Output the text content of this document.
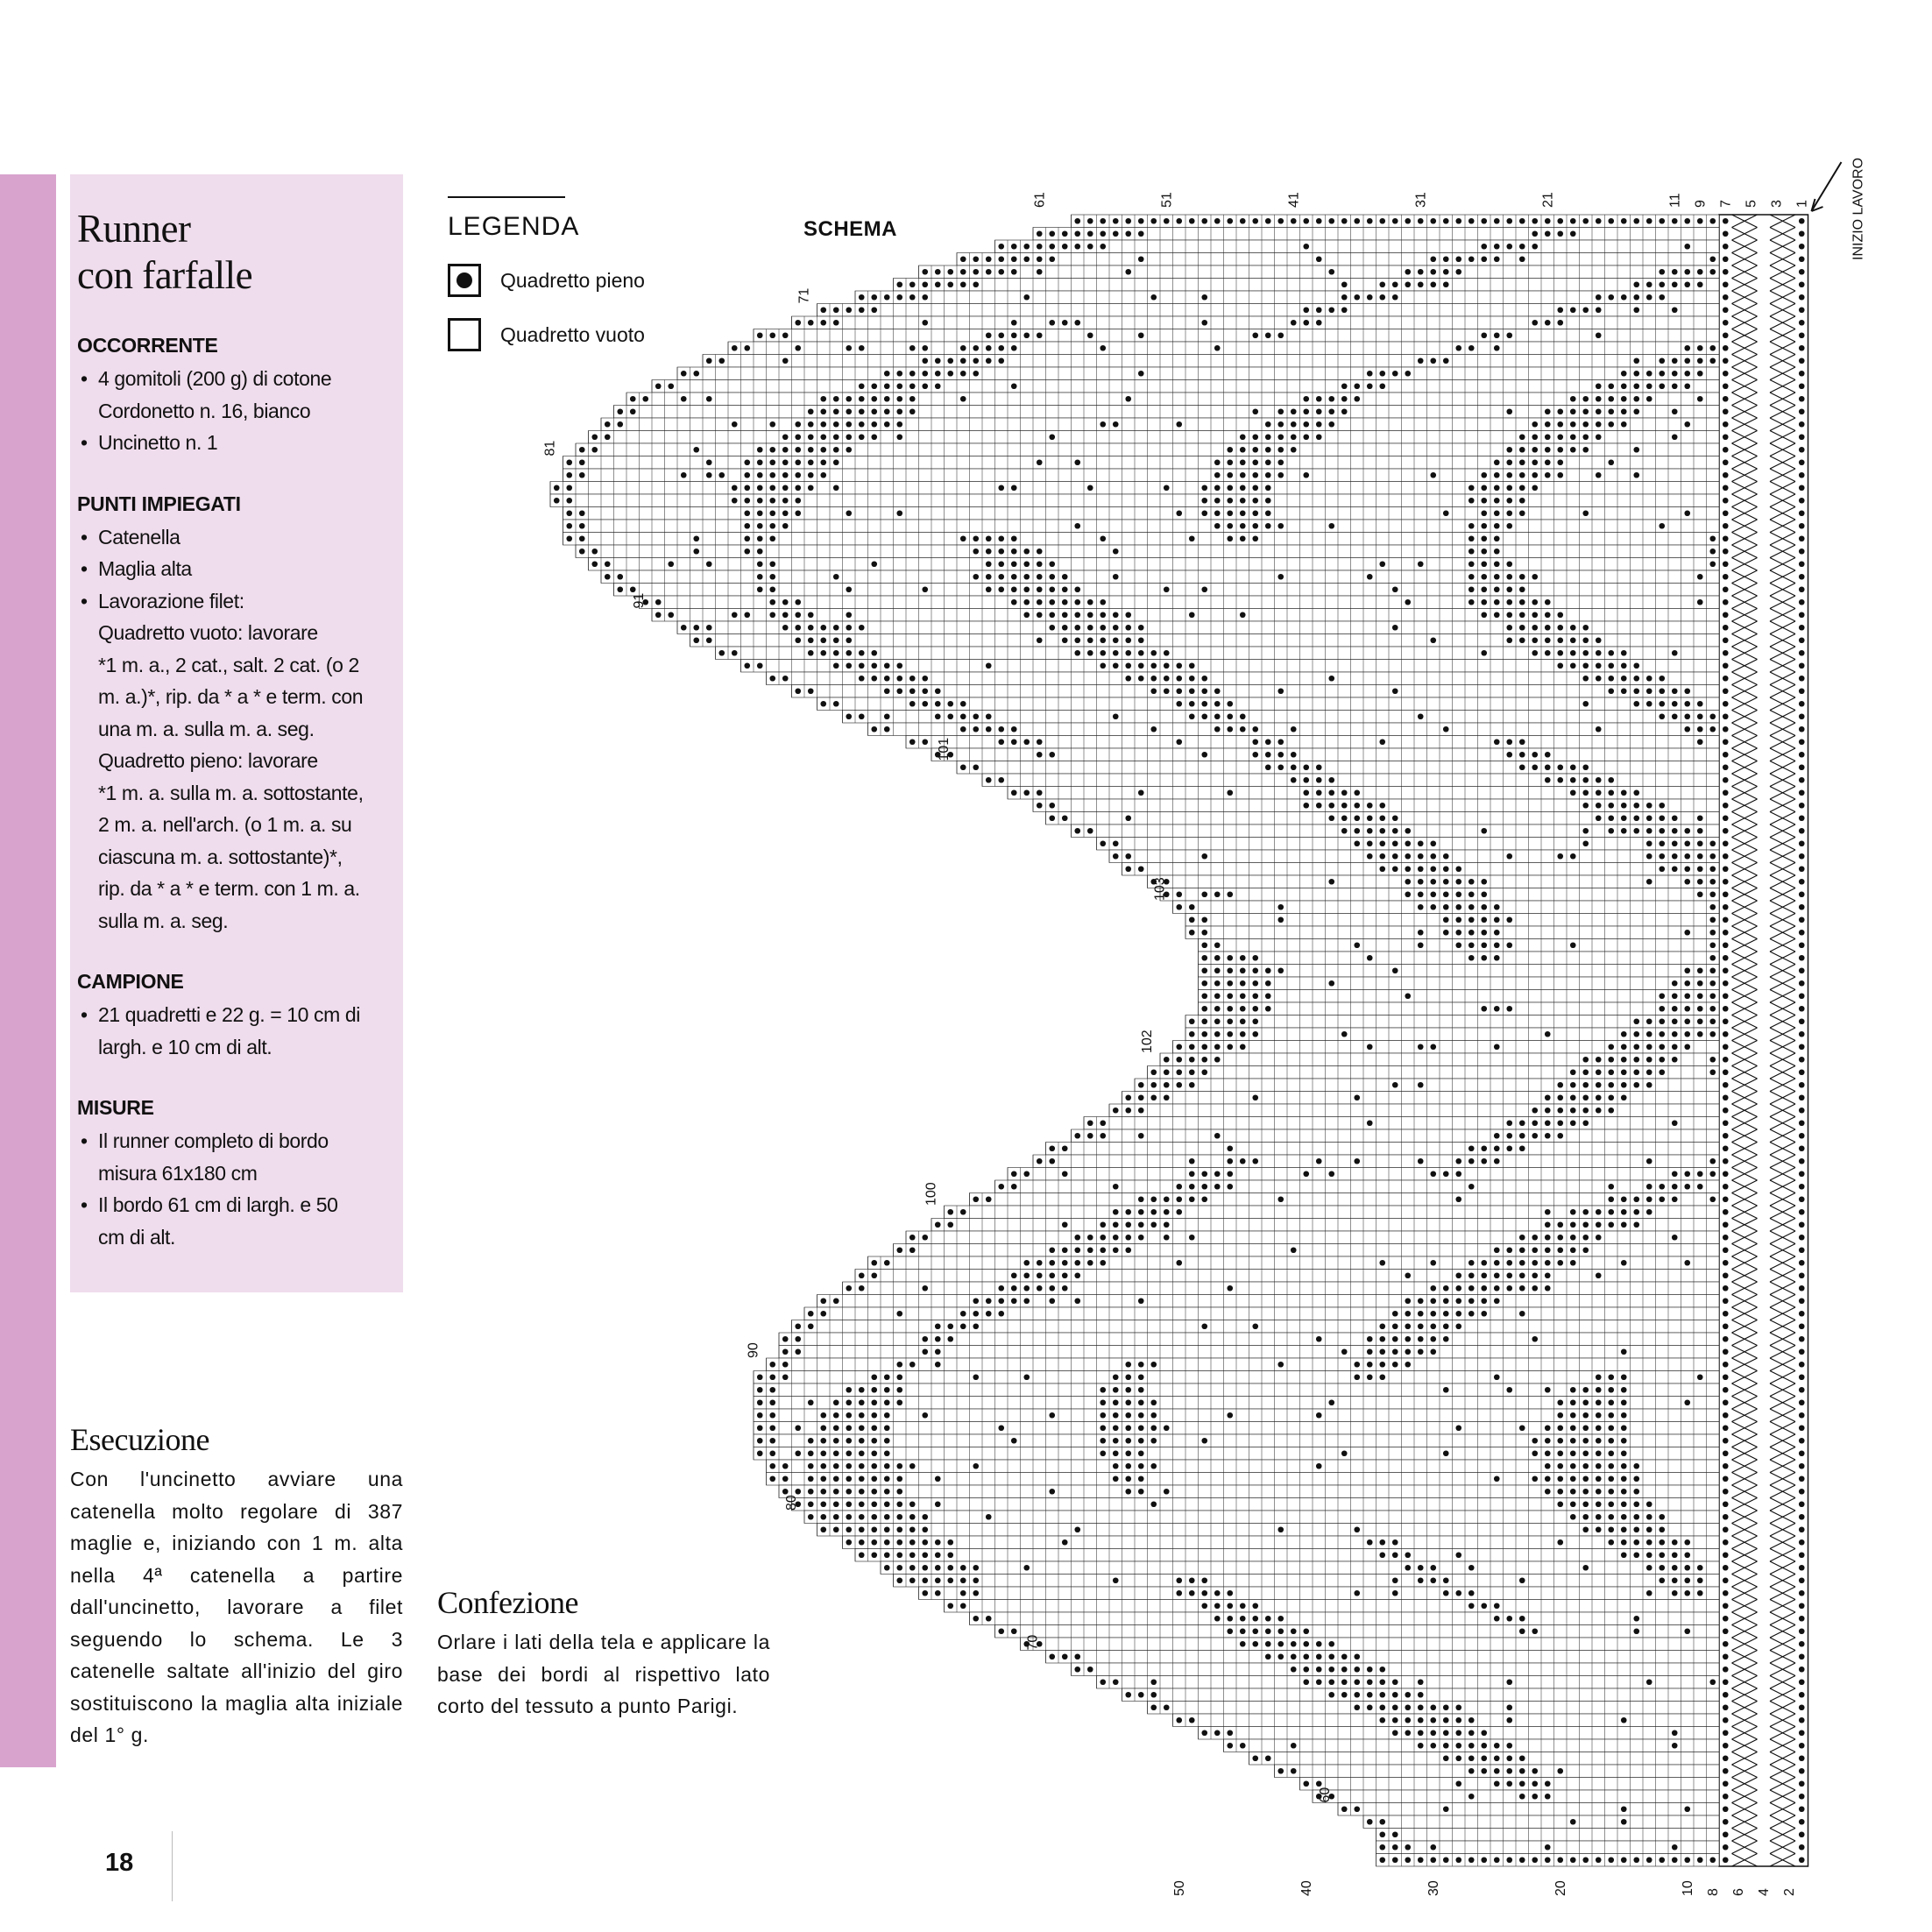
Runner
con farfalle
OCCORRENTE
• 4 gomitoli (200 g) di cotone
Cordonetto n. 16, bianco
• Uncinetto n. 1
PUNTI IMPIEGATI
• Catenella
• Maglia alta
• Lavorazione filet:
Quadretto vuoto: lavorare
*1 m. a., 2 cat., salt. 2 cat. (o 2
m. a.)*, rip. da * a * e term. con
una m. a. sulla m. a. seg.
Quadretto pieno: lavorare
*1 m. a. sulla m. a. sottostante,
2 m. a. nell'arch. (o 1 m. a. su
ciascuna m. a. sottostante)*,
rip. da * a * e term. con 1 m. a.
sulla m. a. seg.
CAMPIONE
• 21 quadretti e 22 g. = 10 cm di
largh. e 10 cm di alt.
MISURE
• Il runner completo di bordo
misura 61x180 cm
• Il bordo 61 cm di largh. e 50
cm di alt.
Esecuzione

Con l'uncinetto avviare una catenella molto regolare di 387 maglie e, iniziando con 1 m. alta nella 4ª catenella a partire dall'uncinetto, lavorare a filet seguendo lo schema. Le 3 catenelle saltate all'inizio del giro sostituiscono la maglia alta iniziale del 1° g.

Confezione

Orlare i lati della tela e applicare la base dei bordi al rispettivo lato corto del tessuto a punto Parigi.

LEGENDA
Quadretto pieno
Quadretto vuoto
SCHEMA
61	51	41	31	21	11 9 7 5 3 1
50	40	30	20	10 8 6 4 2
71
81
91
101
103
102
100
90
80
70
60
INIZIO LAVORO
18
